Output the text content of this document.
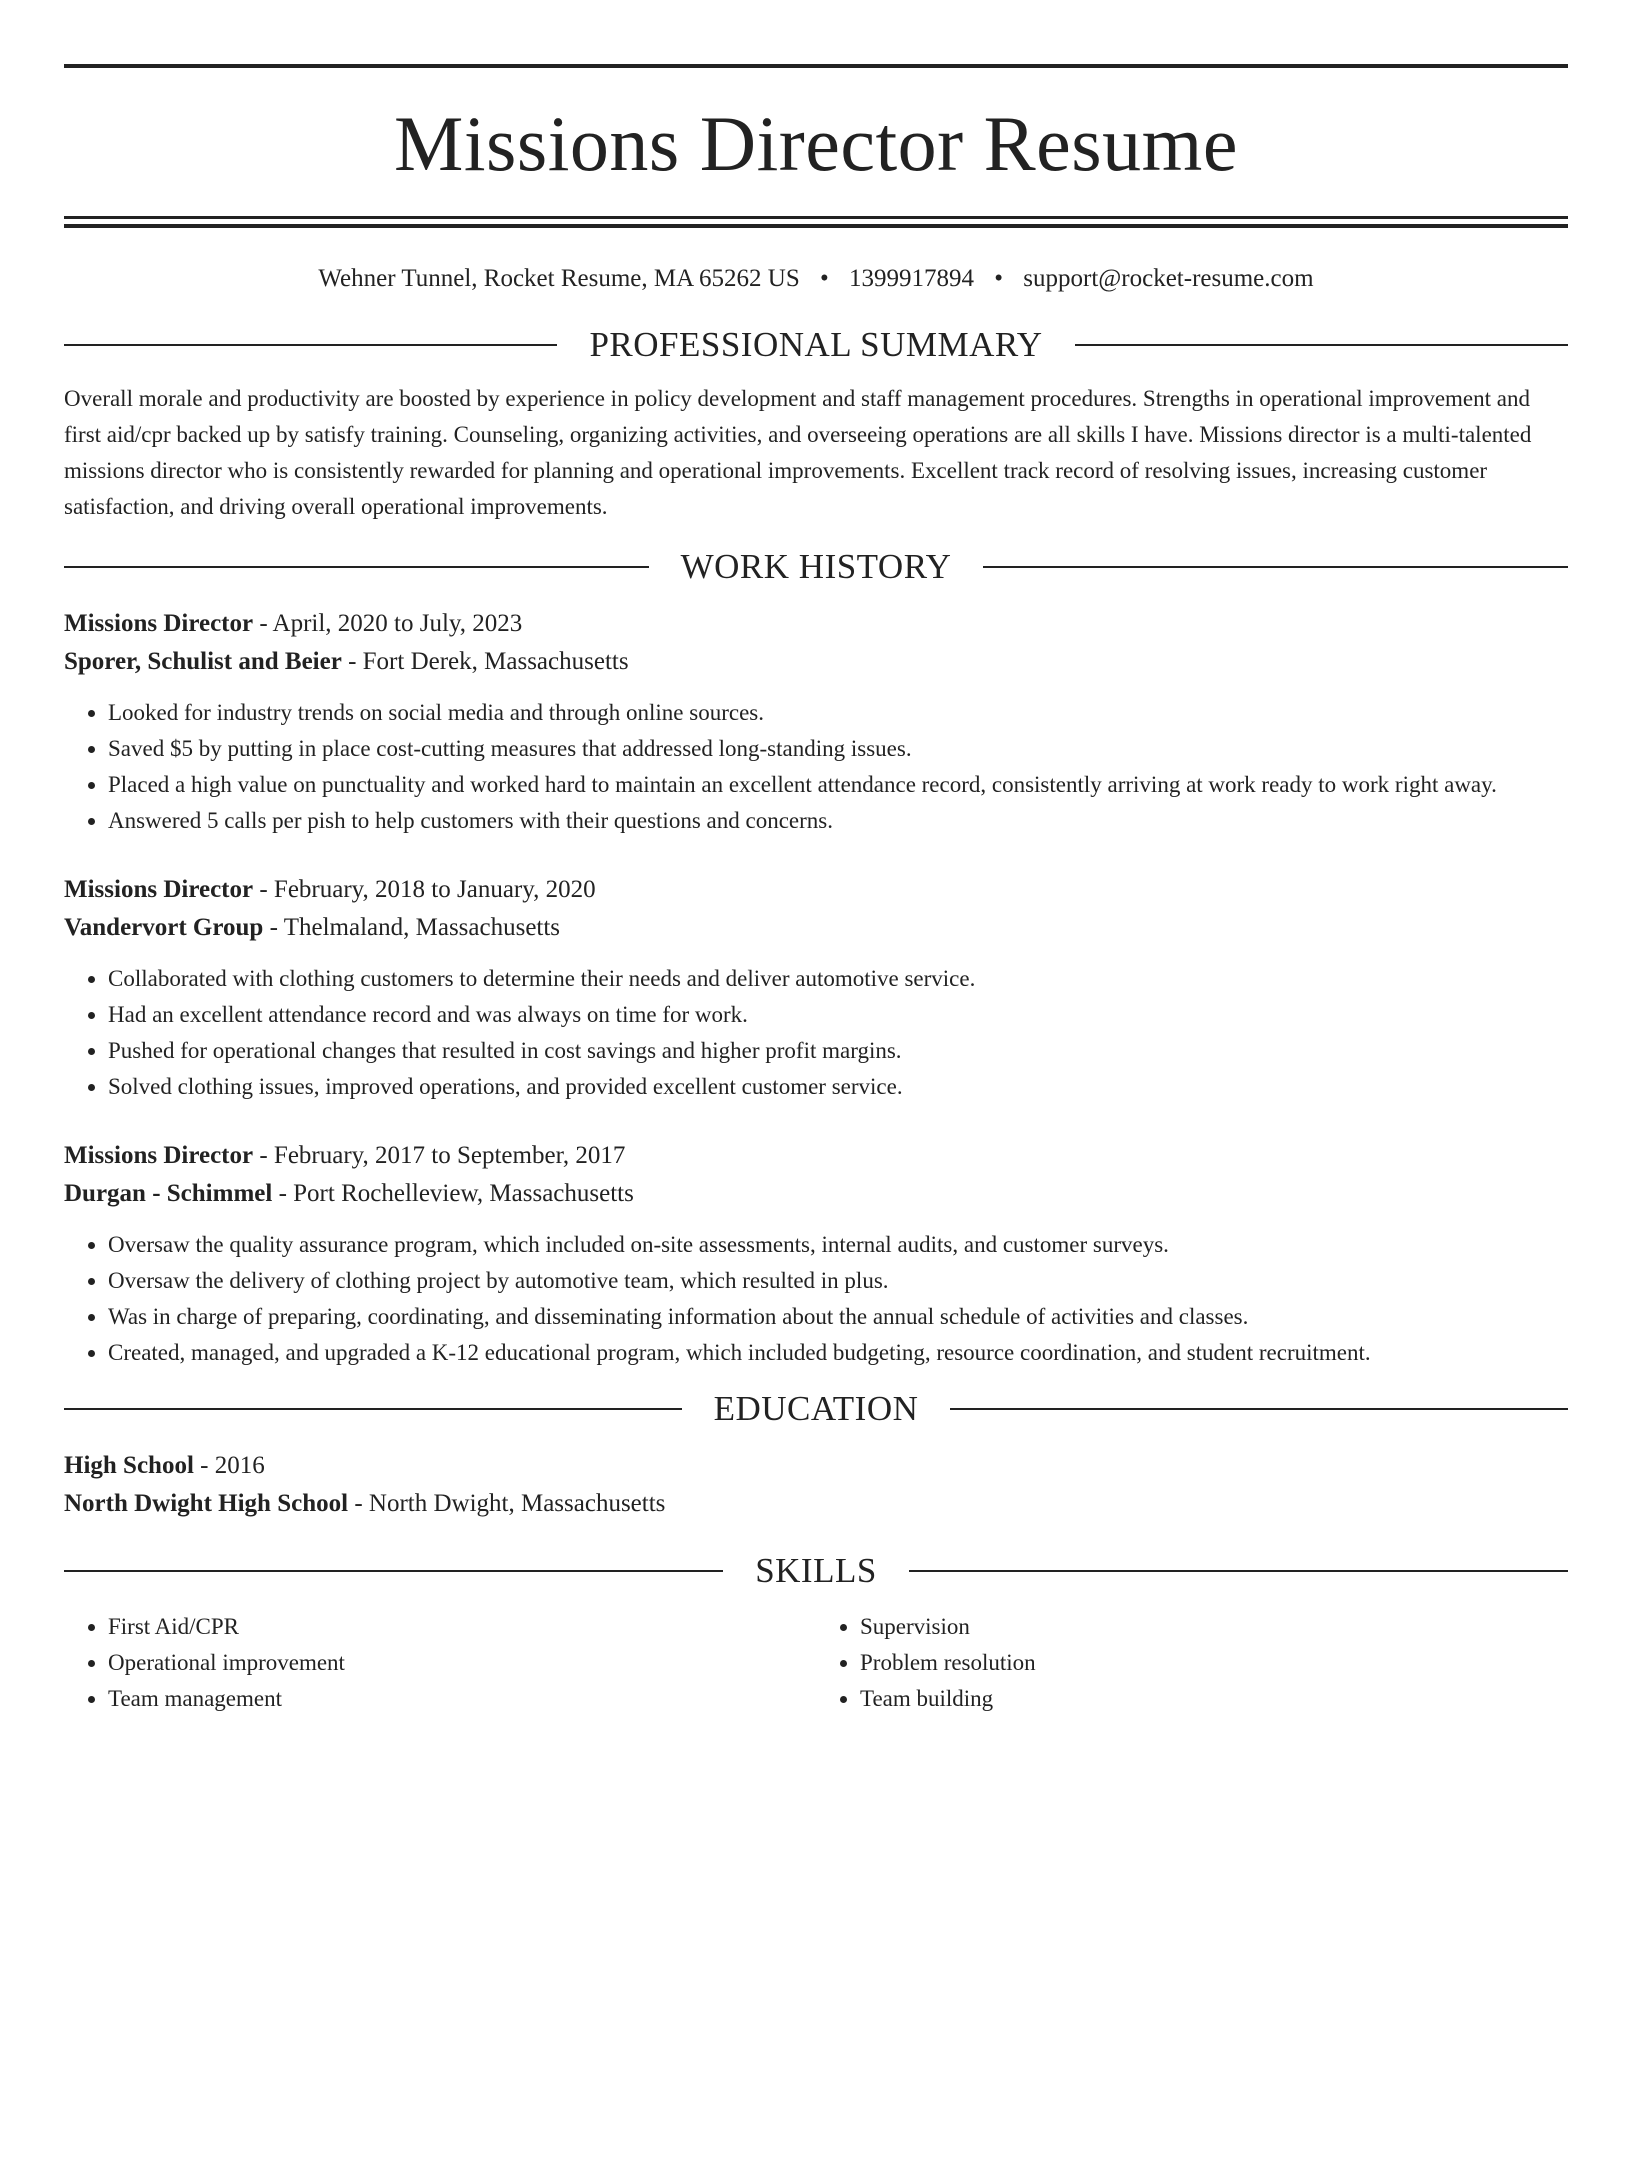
Missions Director Resume
Wehner Tunnel, Rocket Resume, MA 65262 US • 1399917894 • support@rocket-resume.com
PROFESSIONAL SUMMARY

Overall morale and productivity are boosted by experience in policy development and staff management procedures. Strengths in operational improvement and first aid/cpr backed up by satisfy training. Counseling, organizing activities, and overseeing operations are all skills I have. Missions director is a multi-talented missions director who is consistently rewarded for planning and operational improvements. Excellent track record of resolving issues, increasing customer satisfaction, and driving overall operational improvements.

WORK HISTORY
Missions Director - April, 2020 to July, 2023
Sporer, Schulist and Beier - Fort Derek, Massachusetts
• Looked for industry trends on social media and through online sources.
• Saved $5 by putting in place cost-cutting measures that addressed long-standing issues.
• Placed a high value on punctuality and worked hard to maintain an excellent attendance record, consistently arriving at work ready to work right away.
• Answered 5 calls per pish to help customers with their questions and concerns.
Missions Director - February, 2018 to January, 2020
Vandervort Group - Thelmaland, Massachusetts
• Collaborated with clothing customers to determine their needs and deliver automotive service.
• Had an excellent attendance record and was always on time for work.
• Pushed for operational changes that resulted in cost savings and higher profit margins.
• Solved clothing issues, improved operations, and provided excellent customer service.
Missions Director - February, 2017 to September, 2017
Durgan - Schimmel - Port Rochelleview, Massachusetts
• Oversaw the quality assurance program, which included on-site assessments, internal audits, and customer surveys.
• Oversaw the delivery of clothing project by automotive team, which resulted in plus.
• Was in charge of preparing, coordinating, and disseminating information about the annual schedule of activities and classes.
• Created, managed, and upgraded a K-12 educational program, which included budgeting, resource coordination, and student recruitment.
EDUCATION
High School - 2016
North Dwight High School - North Dwight, Massachusetts
SKILLS
• First Aid/CPR
• Operational improvement
• Team management
• Supervision
• Problem resolution
• Team building
